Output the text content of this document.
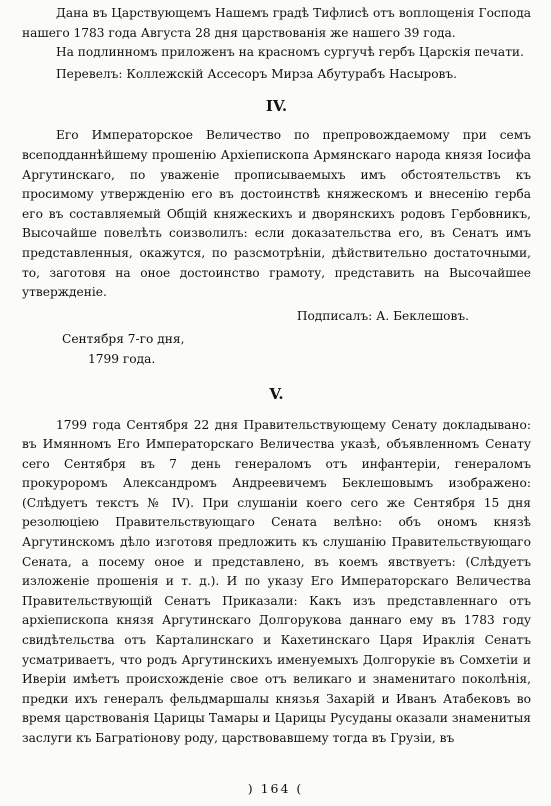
Дана въ Царствующемъ Нашемъ градѣ Тифлисѣ отъ воплощенія Господа нашего 1783 года Августа 28 дня царствованія же нашего 39 года.

На подлинномъ приложенъ на красномъ сургучѣ гербъ Царскія печати.

Перевелъ: Коллежскій Ассесоръ Мирза Абутурабъ Насыровъ.

IV.

Его Императорское Величество по препровождаемому при семъ всеподданнѣйшему прошенію Архіепископа Армянскаго народа князя Іосифа Аргутинскаго, по уваженіе прописываемыхъ имъ обстоятельствъ къ просимому утвержденію его въ достоинствѣ княжескомъ и внесенію герба его въ составляемый Общій княжескихъ и дворянскихъ родовъ Гербовникъ, Высочайше повелѣть соизволилъ: если доказательства его, въ Сенатъ имъ представленныя, окажутся, по разсмотрѣніи, дѣйствительно достаточными, то, заготовя на оное достоинство грамоту, представить на Высочайшее утвержденіе.

Подписалъ: А. Беклешовъ.

Сентября 7-го дня,

1799 года.

V.

1799 года Сентября 22 дня Правительствующему Сенату докладывано: въ Имянномъ Его Императорскаго Величества указѣ, объявленномъ Сенату сего Сентября въ 7 день генераломъ отъ инфантеріи, генераломъ прокуроромъ Александромъ Андреевичемъ Беклешовымъ изображено: (Слѣдуетъ текстъ № IV). При слушаніи коего сего же Сентября 15 дня резолюціею Правительствующаго Сената велѣно: объ ономъ князѣ Аргутинскомъ дѣло изготовя предложить къ слушанію Правительствующаго Сената, а посему оное и представлено, въ коемъ явствуетъ: (Слѣдуетъ изложеніе прошенія и т. д.). И по указу Его Императорскаго Величества Правительствующій Сенатъ Приказали: Какъ изъ представленнаго отъ архіепископа князя Аргутинскаго Долгорукова даннаго ему въ 1783 году свидѣтельства отъ Карталинскаго и Кахетинскаго Царя Ираклія Сенатъ усматриваетъ, что родъ Аргутинскихъ именуемыхъ Долгорукіе въ Сомхетіи и Иверіи имѣетъ происхожденіе свое отъ великаго и знаменитаго поколѣнія, предки ихъ генералъ фельдмаршалы князья Захарій и Иванъ Атабековъ во время царствованія Царицы Тамары и Царицы Русуданы оказали знаменитыя заслуги къ Багратіонову роду, царствовавшему тогда въ Грузіи, въ

) 164 (
